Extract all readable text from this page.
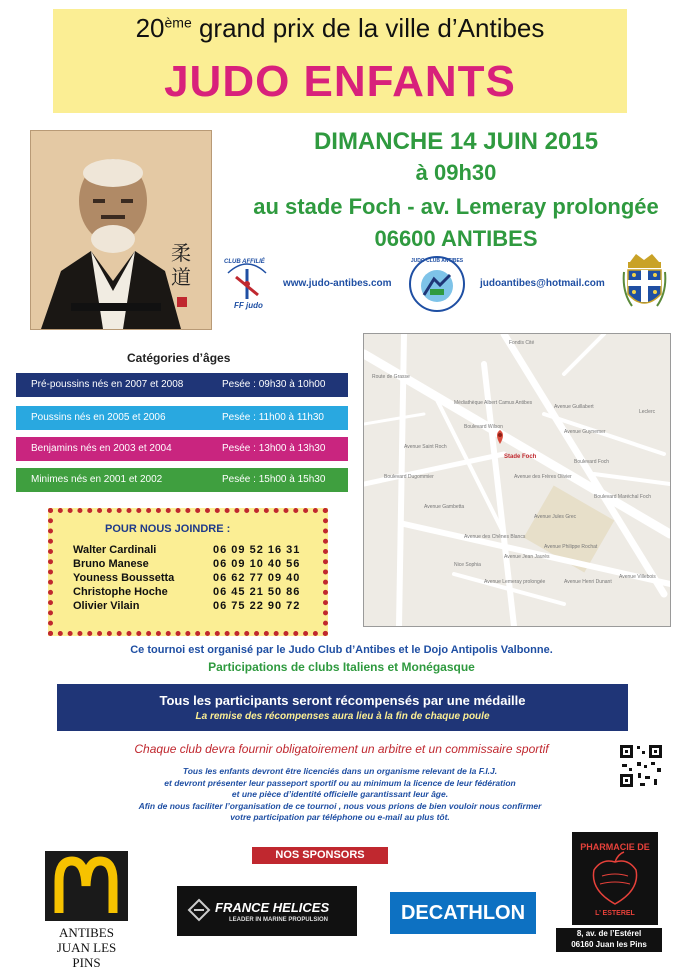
20ème grand prix de la ville d’Antibes
JUDO ENFANTS
柔道
DIMANCHE 14 JUIN 2015
à 09h30
au stade Foch - av. Lemeray prolongée
06600 ANTIBES
CLUB AFFILIÉ
FF judo
www.judo-antibes.com
JUDO CLUB ANTIBES
judoantibes@hotmail.com
Catégories d’âges
Pré-poussins nés en 2007 et 2008	Pesée : 09h30 à 10h00
Poussins nés en 2005 et 2006	Pesée : 11h00 à 11h30
Benjamins nés en 2003 et 2004	Pesée : 13h00 à 13h30
Minimes nés en 2001 et 2002	Pesée : 15h00 à 15h30
POUR NOUS JOINDRE :
Walter Cardinali	06 09 52 16 31
Bruno Manese	06 09 10 40 56
Youness Boussetta	06 62 77 09 40
Christophe Hoche	06 45 21 50 86
Olivier Vilain	06 75 22 90 72
Stade Foch
Médiathèque Albert Camus Antibes
Avenue Guillabert
Boulevard Wilson
Avenue Guynemer
Avenue des Frères Olivier
Avenue Gambetta
Boulevard Foch
Avenue Jules Grec
Avenue Saint Roch
Boulevard Dugommier
Boulevard Maréchal Foch
Avenue des Chênes Blancs
Avenue Jean Jaurès
Leclerc
Avenue Henri Dunant
Avenue Lemeray prolongée
Avenue Philippe Rochat
Nice Sophia
Route de Grasse
Avenue Villebois
Fondis Cité
Ce tournoi est organisé par le Judo Club d’Antibes et le Dojo Antipolis Valbonne.
Participations de clubs Italiens et Monégasque
Tous les participants seront récompensés par une médaille
La remise des récompenses aura lieu à la fin de chaque poule
Chaque club devra fournir obligatoirement un arbitre et un commissaire sportif
Tous les enfants devront être licenciés dans un organisme relevant de la F.I.J.
et devront présenter leur passeport sportif ou au minimum la licence de leur fédération
et une pièce d’identité officielle garantissant leur âge.
Afin de nous faciliter l’organisation de ce tournoi , nous vous prions de bien vouloir nous confirmer
votre participation par téléphone ou e-mail au plus tôt.
NOS SPONSORS
ANTIBES
JUAN LES PINS
FRANCE HELICES
LEADER IN MARINE PROPULSION	DECATHLON
PHARMACIE DE
L’ ESTEREL
8, av. de l’Estérel
06160 Juan les Pins
